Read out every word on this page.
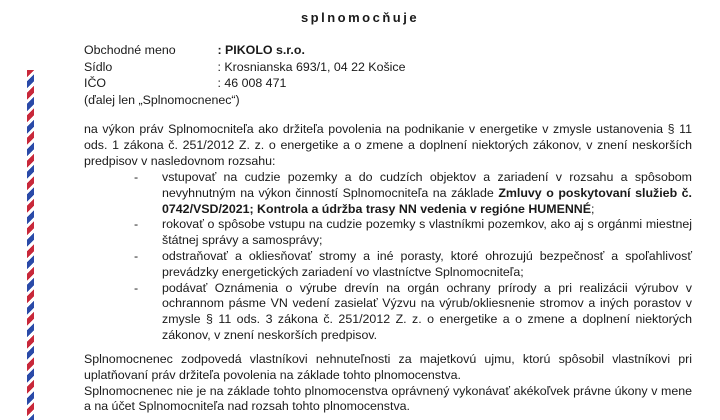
splnomocňuje
Obchodné meno	: PIKOLO s.r.o.
Sídlo	: Krosnianska 693/1, 04 22 Košice
IČO	: 46 008 471
(ďalej len „Splnomocnenec“)

na výkon práv Splnomocniteľa ako držiteľa povolenia na podnikanie v energetike v zmysle ustanovenia § 11 ods. 1 zákona č. 251/2012 Z. z. o energetike a o zmene a doplnení niektorých zákonov, v znení neskorších predpisov v nasledovnom rozsahu:

- vstupovať na cudzie pozemky a do cudzích objektov a zariadení v rozsahu a spôsobom nevyhnutným na výkon činností Splnomocniteľa na základe Zmluvy o poskytovaní služieb č. 0742/VSD/2021; Kontrola a údržba trasy NN vedenia v regióne HUMENNÉ;
- rokovať o spôsobe vstupu na cudzie pozemky s vlastníkmi pozemkov, ako aj s orgánmi miestnej štátnej správy a samosprávy;
- odstraňovať a okliesňovať stromy a iné porasty, ktoré ohrozujú bezpečnosť a spoľahlivosť prevádzky energetických zariadení vo vlastníctve Splnomocniteľa;
- podávať Oznámenia o výrube drevín na orgán ochrany prírody a pri realizácii výrubov v ochrannom pásme VN vedení zasielať Výzvu na výrub/okliesnenie stromov a iných porastov v zmysle § 11 ods. 3 zákona č. 251/2012 Z. z. o energetike a o zmene a doplnení niektorých zákonov, v znení neskorších predpisov.

Splnomocnenec zodpovedá vlastníkovi nehnuteľnosti za majetkovú ujmu, ktorú spôsobil vlastníkovi pri uplatňovaní práv držiteľa povolenia na základe tohto plnomocenstva.

Splnomocnenec nie je na základe tohto plnomocenstva oprávnený vykonávať akékoľvek právne úkony v mene a na účet Splnomocniteľa nad rozsah tohto plnomocenstva.
